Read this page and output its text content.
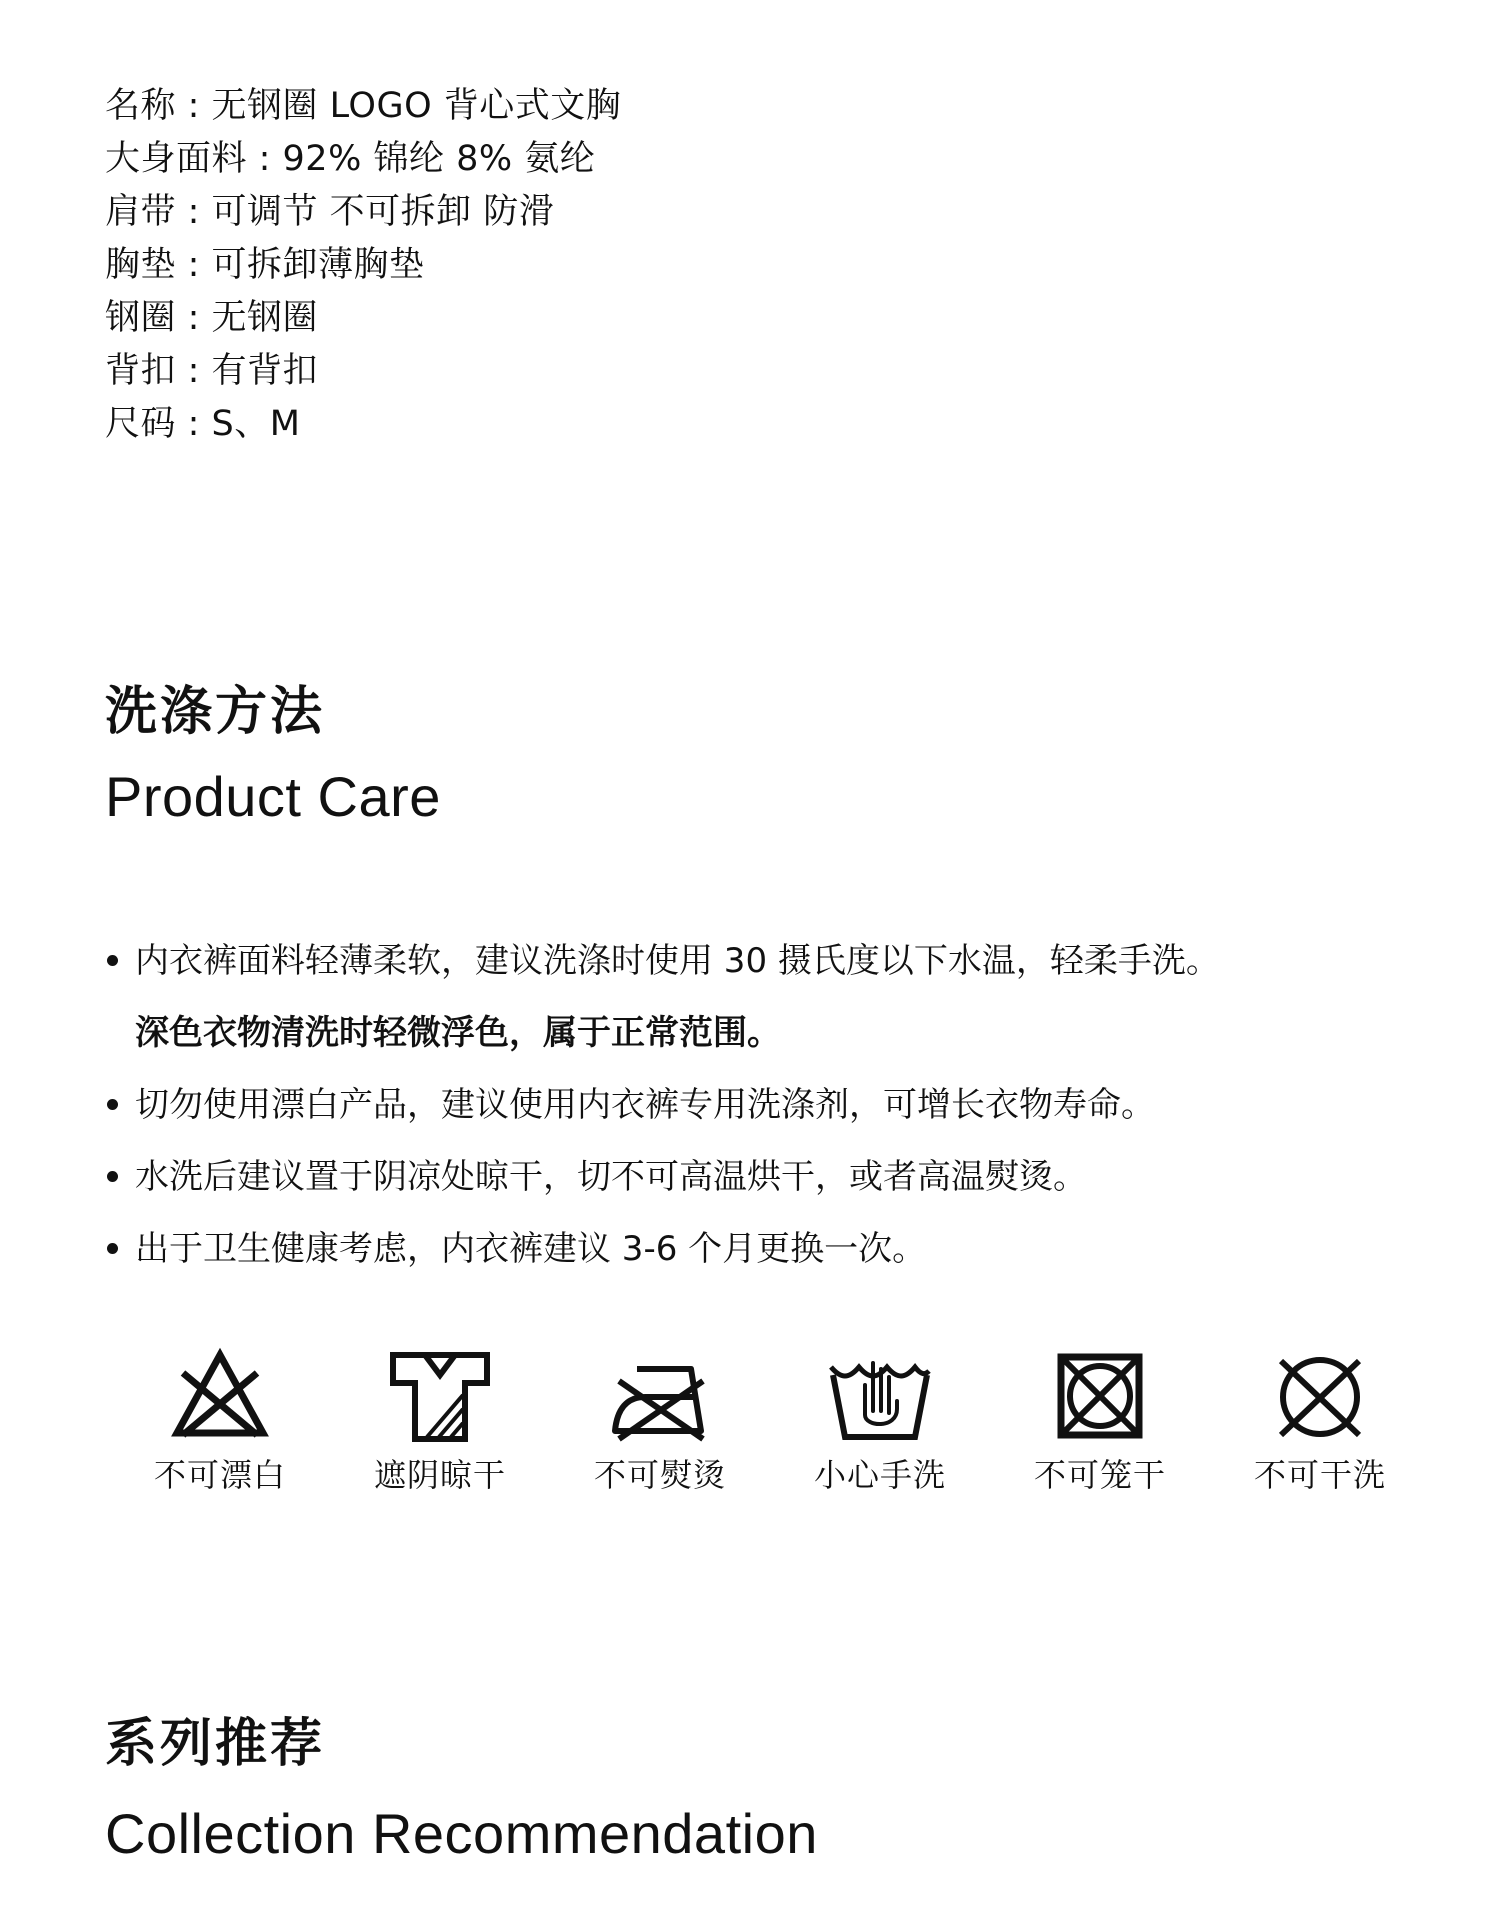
名称 : 无钢圈 LOGO 背心式文胸
大身面料 : 92% 锦纶 8% 氨纶
肩带 : 可调节 不可拆卸 防滑
胸垫 : 可拆卸薄胸垫
钢圈 : 无钢圈
背扣 : 有背扣
尺码 : S、M
洗涤方法
Product Care
内衣裤面料轻薄柔软，建议洗涤时使用 30 摄氏度以下水温，轻柔手洗。
深色衣物清洗时轻微浮色，属于正常范围。
切勿使用漂白产品，建议使用内衣裤专用洗涤剂，可增长衣物寿命。
水洗后建议置于阴凉处晾干，切不可高温烘干，或者高温熨烫。
出于卫生健康考虑，内衣裤建议 3-6 个月更换一次。
不可漂白	遮阴晾干	不可熨烫	小心手洗	不可笼干	不可干洗
系列推荐
Collection Recommendation
